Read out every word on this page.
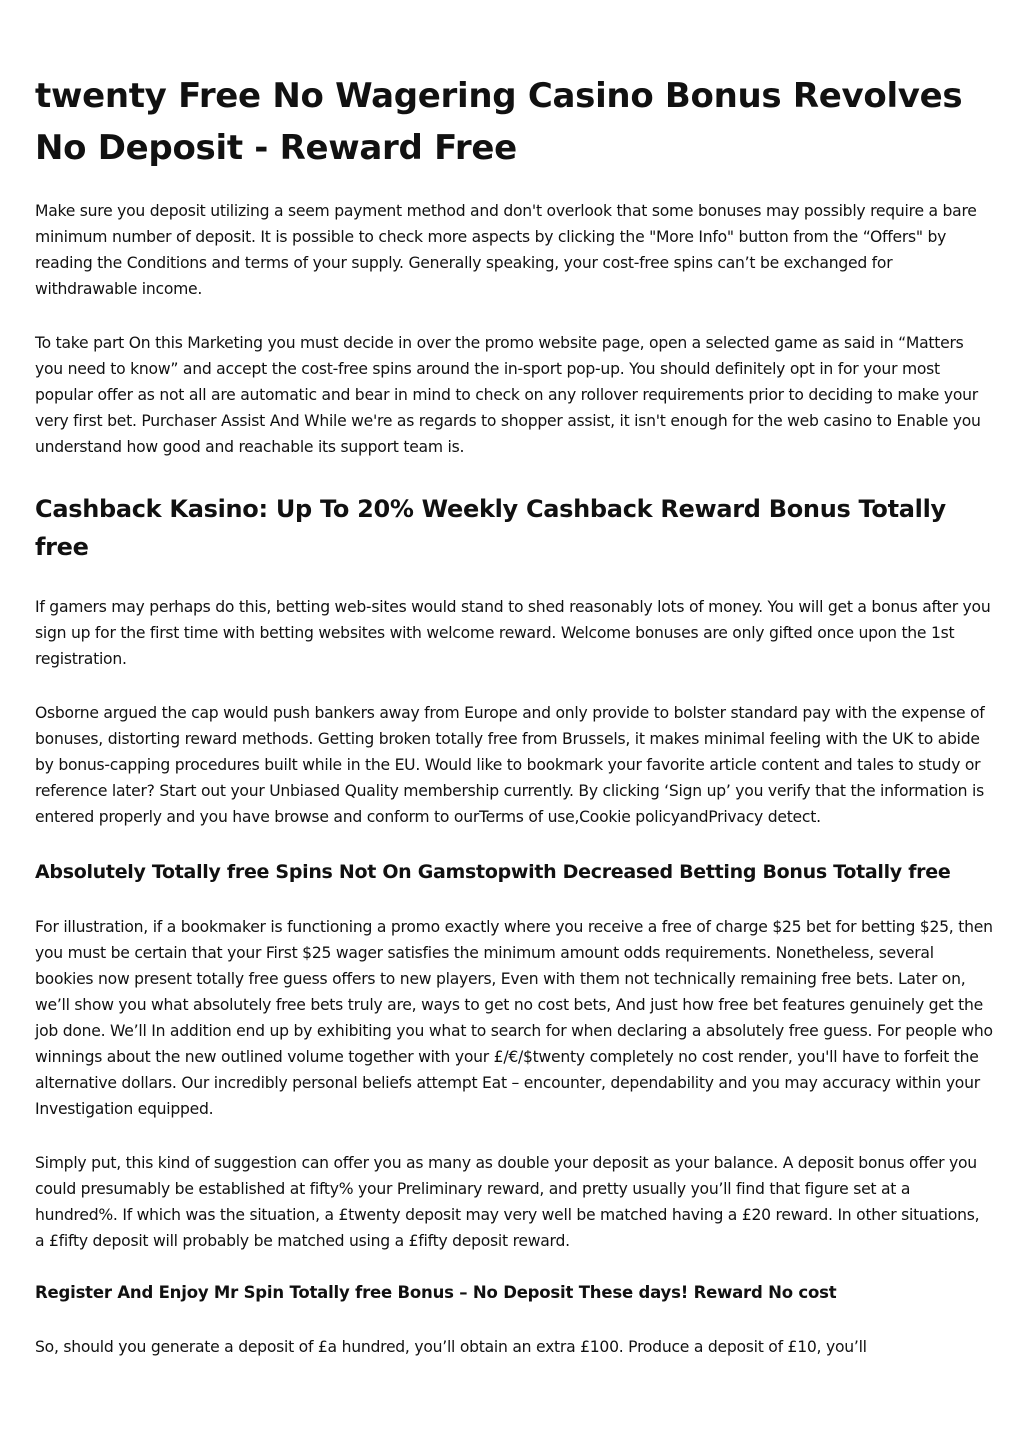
twenty Free No Wagering Casino Bonus Revolves No Deposit - Reward Free

Make sure you deposit utilizing a seem payment method and don't overlook that some bonuses may possibly require a bare minimum number of deposit. It is possible to check more aspects by clicking the "More Info" button from the “Offers" by reading the Conditions and terms of your supply. Generally speaking, your cost-free spins can’t be exchanged for withdrawable income.

To take part On this Marketing you must decide in over the promo website page, open a selected game as said in “Matters you need to know” and accept the cost-free spins around the in-sport pop-up. You should definitely opt in for your most popular offer as not all are automatic and bear in mind to check on any rollover requirements prior to deciding to make your very first bet. Purchaser Assist And While we're as regards to shopper assist, it isn't enough for the web casino to Enable you understand how good and reachable its support team is.

Cashback Kasino: Up To 20% Weekly Cashback Reward Bonus Totally free

If gamers may perhaps do this, betting web-sites would stand to shed reasonably lots of money. You will get a bonus after you sign up for the first time with betting websites with welcome reward. Welcome bonuses are only gifted once upon the 1st registration.

Osborne argued the cap would push bankers away from Europe and only provide to bolster standard pay with the expense of bonuses, distorting reward methods. Getting broken totally free from Brussels, it makes minimal feeling with the UK to abide by bonus-capping procedures built while in the EU. Would like to bookmark your favorite article content and tales to study or reference later? Start out your Unbiased Quality membership currently. By clicking ‘Sign up’ you verify that the information is entered properly and you have browse and conform to ourTerms of use,Cookie policyandPrivacy detect.

Absolutely Totally free Spins Not On Gamstopwith Decreased Betting Bonus Totally free

For illustration, if a bookmaker is functioning a promo exactly where you receive a free of charge $25 bet for betting $25, then you must be certain that your First $25 wager satisfies the minimum amount odds requirements. Nonetheless, several bookies now present totally free guess offers to new players, Even with them not technically remaining free bets. Later on, we’ll show you what absolutely free bets truly are, ways to get no cost bets, And just how free bet features genuinely get the job done. We’ll In addition end up by exhibiting you what to search for when declaring a absolutely free guess. For people who winnings about the new outlined volume together with your £/€/$twenty completely no cost render, you'll have to forfeit the alternative dollars. Our incredibly personal beliefs attempt Eat – encounter, dependability and you may accuracy within your Investigation equipped.

Simply put, this kind of suggestion can offer you as many as double your deposit as your balance. A deposit bonus offer you could presumably be established at fifty% your Preliminary reward, and pretty usually you’ll find that figure set at a hundred%. If which was the situation, a £twenty deposit may very well be matched having a £20 reward. In other situations, a £fifty deposit will probably be matched using a £fifty deposit reward.

Register And Enjoy Mr Spin Totally free Bonus – No Deposit These days! Reward No cost

So, should you generate a deposit of £a hundred, you’ll obtain an extra £100. Produce a deposit of £10, you’ll
